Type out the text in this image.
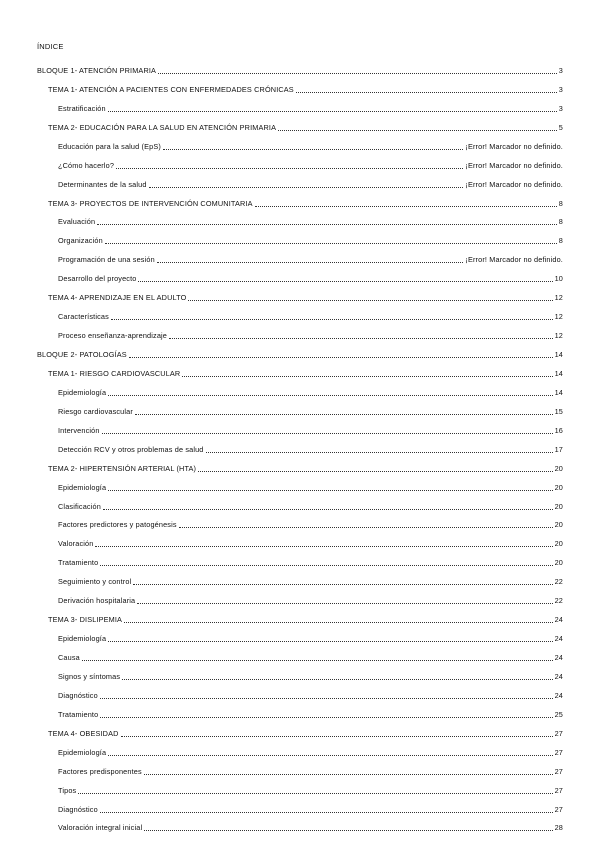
ÍNDICE
BLOQUE 1- ATENCIÓN PRIMARIA	3
TEMA 1- ATENCIÓN A PACIENTES CON ENFERMEDADES CRÓNICAS	3
Estratificación	3
TEMA 2- EDUCACIÓN PARA LA SALUD EN ATENCIÓN PRIMARIA	5
Educación para la salud (EpS)	¡Error! Marcador no definido.
¿Cómo hacerlo?	¡Error! Marcador no definido.
Determinantes de la salud	¡Error! Marcador no definido.
TEMA 3- PROYECTOS DE INTERVENCIÓN COMUNITARIA	8
Evaluación	8
Organización	8
Programación de una sesión	¡Error! Marcador no definido.
Desarrollo del proyecto	10
TEMA 4- APRENDIZAJE EN EL ADULTO	12
Características	12
Proceso enseñanza-aprendizaje	12
BLOQUE 2- PATOLOGÍAS	14
TEMA 1- RIESGO CARDIOVASCULAR	14
Epidemiología	14
Riesgo cardiovascular	15
Intervención	16
Detección RCV y otros problemas de salud	17
TEMA 2- HIPERTENSIÓN ARTERIAL (HTA)	20
Epidemiología	20
Clasificación	20
Factores predictores y patogénesis	20
Valoración	20
Tratamiento	20
Seguimiento y control	22
Derivación hospitalaria	22
TEMA 3- DISLIPEMIA	24
Epidemiología	24
Causa	24
Signos y síntomas	24
Diagnóstico	24
Tratamiento	25
TEMA 4- OBESIDAD	27
Epidemiología	27
Factores predisponentes	27
Tipos	27
Diagnóstico	27
Valoración integral inicial	28
